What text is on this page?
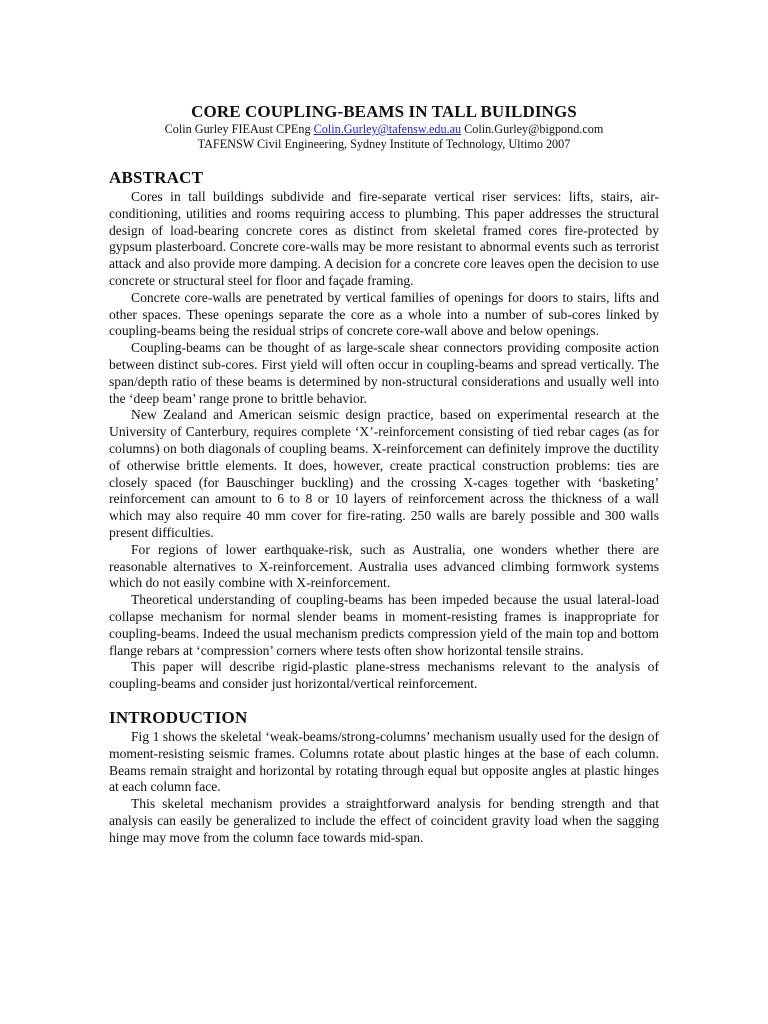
CORE COUPLING-BEAMS IN TALL BUILDINGS

Colin Gurley FIEAust CPEng Colin.Gurley@tafensw.edu.au Colin.Gurley@bigpond.com

TAFENSW Civil Engineering, Sydney Institute of Technology, Ultimo 2007

ABSTRACT

Cores in tall buildings subdivide and fire-separate vertical riser services: lifts, stairs, air-conditioning, utilities and rooms requiring access to plumbing. This paper addresses the structural design of load-bearing concrete cores as distinct from skeletal framed cores fire-protected by gypsum plasterboard. Concrete core-walls may be more resistant to abnormal events such as terrorist attack and also provide more damping. A decision for a concrete core leaves open the decision to use concrete or structural steel for floor and façade framing.

Concrete core-walls are penetrated by vertical families of openings for doors to stairs, lifts and other spaces. These openings separate the core as a whole into a number of sub-cores linked by coupling-beams being the residual strips of concrete core-wall above and below openings.

Coupling-beams can be thought of as large-scale shear connectors providing composite action between distinct sub-cores. First yield will often occur in coupling-beams and spread vertically. The span/depth ratio of these beams is determined by non-structural considerations and usually well into the ‘deep beam’ range prone to brittle behavior.

New Zealand and American seismic design practice, based on experimental research at the University of Canterbury, requires complete ‘X’-reinforcement consisting of tied rebar cages (as for columns) on both diagonals of coupling beams. X-reinforcement can definitely improve the ductility of otherwise brittle elements. It does, however, create practical construction problems: ties are closely spaced (for Bauschinger buckling) and the crossing X-cages together with ‘basketing’ reinforcement can amount to 6 to 8 or 10 layers of reinforcement across the thickness of a wall which may also require 40 mm cover for fire-rating. 250 walls are barely possible and 300 walls present difficulties.

For regions of lower earthquake-risk, such as Australia, one wonders whether there are reasonable alternatives to X-reinforcement. Australia uses advanced climbing formwork systems which do not easily combine with X-reinforcement.

Theoretical understanding of coupling-beams has been impeded because the usual lateral-load collapse mechanism for normal slender beams in moment-resisting frames is inappropriate for coupling-beams. Indeed the usual mechanism predicts compression yield of the main top and bottom flange rebars at ‘compression’ corners where tests often show horizontal tensile strains.

This paper will describe rigid-plastic plane-stress mechanisms relevant to the analysis of coupling-beams and consider just horizontal/vertical reinforcement.

INTRODUCTION

Fig 1 shows the skeletal ‘weak-beams/strong-columns’ mechanism usually used for the design of moment-resisting seismic frames. Columns rotate about plastic hinges at the base of each column. Beams remain straight and horizontal by rotating through equal but opposite angles at plastic hinges at each column face.

This skeletal mechanism provides a straightforward analysis for bending strength and that analysis can easily be generalized to include the effect of coincident gravity load when the sagging hinge may move from the column face towards mid-span.
